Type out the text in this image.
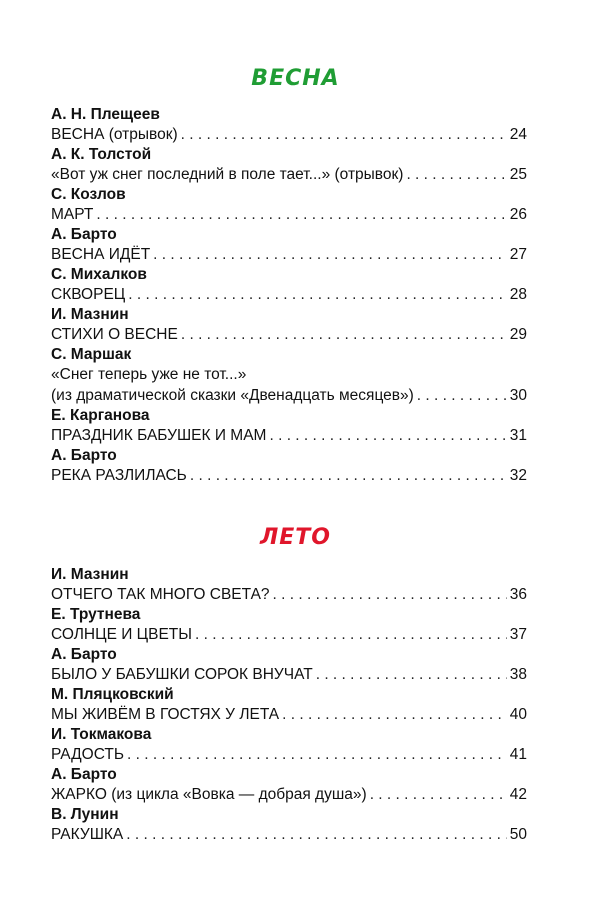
ВЕСНА
А. Н. Плещеев
ВЕСНА (отрывок) . . .	24
А. К. Толстой
«Вот уж снег последний в поле тает...» (отрывок) . . .	25
С. Козлов
МАРТ . . .	26
А. Барто
ВЕСНА ИДЁТ . . .	27
С. Михалков
СКВОРЕЦ . . .	28
И. Мазнин
СТИХИ О ВЕСНЕ . . .	29
С. Маршак
«Снег теперь уже не тот...»
(из драматической сказки «Двенадцать месяцев») . . .	30
Е. Карганова
ПРАЗДНИК БАБУШЕК И МАМ . . .	31
А. Барто
РЕКА РАЗЛИЛАСЬ . . .	32
ЛЕТО
И. Мазнин
ОТЧЕГО ТАК МНОГО СВЕТА? . . .	36
Е. Трутнева
СОЛНЦЕ И ЦВЕТЫ . . .	37
А. Барто
БЫЛО У БАБУШКИ СОРОК ВНУЧАТ . . .	38
М. Пляцковский
МЫ ЖИВЁМ В ГОСТЯХ У ЛЕТА . . .	40
И. Токмакова
РАДОСТЬ . . .	41
А. Барто
ЖАРКО (из цикла «Вовка — добрая душа») . . .	42
В. Лунин
РАКУШКА . . .	50
